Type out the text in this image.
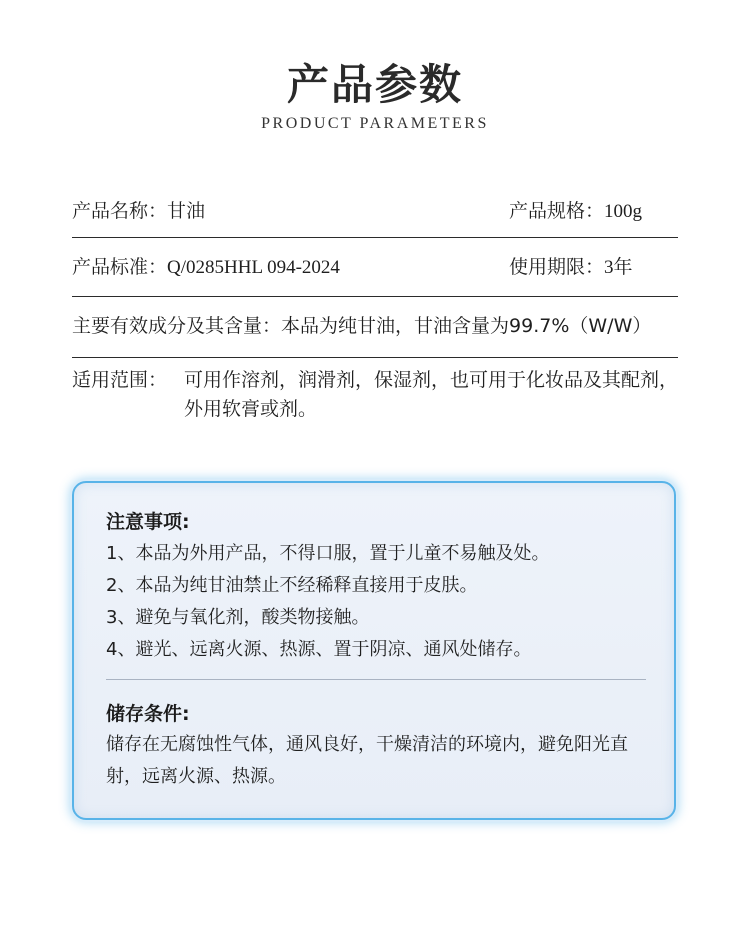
产品参数
PRODUCT PARAMETERS
产品名称：甘油	产品规格：100g
产品标准：Q/0285HHL 094-2024	使用期限：3年
主要有效成分及其含量：本品为纯甘油，甘油含量为99.7%（W/W）
适用范围： 可用作溶剂，润滑剂，保湿剂，也可用于化妆品及其配剂，外用软膏或剂。
注意事项:
1、本品为外用产品，不得口服，置于儿童不易触及处。
2、本品为纯甘油禁止不经稀释直接用于皮肤。
3、避免与氧化剂，酸类物接触。
4、避光、远离火源、热源、置于阴凉、通风处储存。
储存条件:
储存在无腐蚀性气体，通风良好，干燥清洁的环境内，避免阳光直射，远离火源、热源。
